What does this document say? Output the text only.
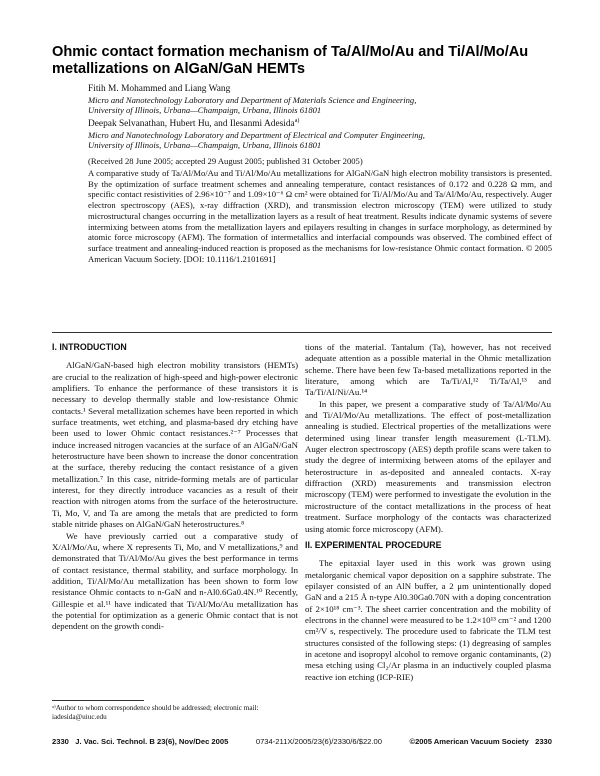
Ohmic contact formation mechanism of Ta/Al/Mo/Au and Ti/Al/Mo/Au metallizations on AlGaN/GaN HEMTs
Fitih M. Mohammed and Liang Wang
Micro and Nanotechnology Laboratory and Department of Materials Science and Engineering,
University of Illinois, Urbana—Champaign, Urbana, Illinois 61801
Deepak Selvanathan, Hubert Hu, and Ilesanmi Adesida$^{a)}$
Micro and Nanotechnology Laboratory and Department of Electrical and Computer Engineering,
University of Illinois, Urbana—Champaign, Urbana, Illinois 61801
(Received 28 June 2005; accepted 29 August 2005; published 31 October 2005)

A comparative study of Ta/Al/Mo/Au and Ti/Al/Mo/Au metallizations for AlGaN/GaN high electron mobility transistors is presented. By the optimization of surface treatment schemes and annealing temperature, contact resistances of 0.172 and 0.228 Ω mm, and specific contact resistivities of 2.96×10⁻⁷ and 1.09×10⁻⁶ Ω cm² were obtained for Ti/Al/Mo/Au and Ta/Al/Mo/Au, respectively. Auger electron spectroscopy (AES), x-ray diffraction (XRD), and transmission electron microscopy (TEM) were utilized to study microstructural changes occurring in the metallization layers as a result of heat treatment. Results indicate dynamic systems of severe intermixing between atoms from the metallization layers and epilayers resulting in changes in surface morphology, as determined by atomic force microscopy (AFM). The formation of intermetallics and interfacial compounds was observed. The combined effect of surface treatment and annealing-induced reaction is proposed as the mechanisms for low-resistance Ohmic contact formation. © 2005 American Vacuum Society. [DOI: 10.1116/1.2101691]

I. INTRODUCTION

AlGaN/GaN-based high electron mobility transistors (HEMTs) are crucial to the realization of high-speed and high-power electronic amplifiers. To enhance the performance of these transistors it is necessary to develop thermally stable and low-resistance Ohmic contacts.¹ Several metallization schemes have been reported in which surface treatments, wet etching, and plasma-based dry etching have been used to lower Ohmic contact resistances.²⁻⁷ Processes that induce increased nitrogen vacancies at the surface of an AlGaN/GaN heterostructure have been shown to increase the donor concentration at the surface, thereby reducing the contact resistance of a given metallization.⁷ In this case, nitride-forming metals are of particular interest, for they directly introduce vacancies as a result of their reaction with nitrogen atoms from the surface of the heterostructure. Ti, Mo, V, and Ta are among the metals that are predicted to form stable nitride phases on AlGaN/GaN heterostructures.⁸

We have previously carried out a comparative study of X/Al/Mo/Au, where X represents Ti, Mo, and V metallizations,⁹ and demonstrated that Ti/Al/Mo/Au gives the best performance in terms of contact resistance, thermal stability, and surface morphology. In addition, Ti/Al/Mo/Au metallization has been shown to form low resistance Ohmic contacts to n-GaN and n-Al0.6Ga0.4N.¹⁰ Recently, Gillespie et al.¹¹ have indicated that Ti/Al/Mo/Au metallization has the potential for optimization as a generic Ohmic contact that is not dependent on the growth condi-

tions of the material. Tantalum (Ta), however, has not received adequate attention as a possible material in the Ohmic metallization scheme. There have been few Ta-based metallizations reported in the literature, among which are Ta/Ti/Al,¹² Ti/Ta/Al,¹³ and Ta/Ti/Al/Ni/Au.¹⁴

In this paper, we present a comparative study of Ta/Al/Mo/Au and Ti/Al/Mo/Au metallizations. The effect of post-metallization annealing is studied. Electrical properties of the metallizations were determined using linear transfer length measurement (L-TLM). Auger electron spectroscopy (AES) depth profile scans were taken to study the degree of intermixing between atoms of the epilayer and heterostructure in as-deposited and annealed contacts. X-ray diffraction (XRD) measurements and transmission electron microscopy (TEM) were performed to investigate the evolution in the microstructure of the contact metallizations in the process of heat treatment. Surface morphology of the contacts was characterized using atomic force microscopy (AFM).

II. EXPERIMENTAL PROCEDURE

The epitaxial layer used in this work was grown using metalorganic chemical vapor deposition on a sapphire substrate. The epilayer consisted of an AlN buffer, a 2 μm unintentionally doped GaN and a 215 Å n-type Al0.30Ga0.70N with a doping concentration of 2×10¹⁸ cm⁻³. The sheet carrier concentration and the mobility of electrons in the channel were measured to be 1.2×10¹³ cm⁻² and 1200 cm²/V s, respectively. The procedure used to fabricate the TLM test structures consisted of the following steps: (1) degreasing of samples in acetone and isopropyl alcohol to remove organic contaminants, (2) mesa etching using Cl₂/Ar plasma in an inductively coupled plasma reactive ion etching (ICP-RIE)

ᵃ⁾Author to whom correspondence should be addressed; electronic mail: iadesida@uiuc.edu
2330 J. Vac. Sci. Technol. B 23(6), Nov/Dec 2005	0734-211X/2005/23(6)/2330/6/$22.00	©2005 American Vacuum Society 2330
